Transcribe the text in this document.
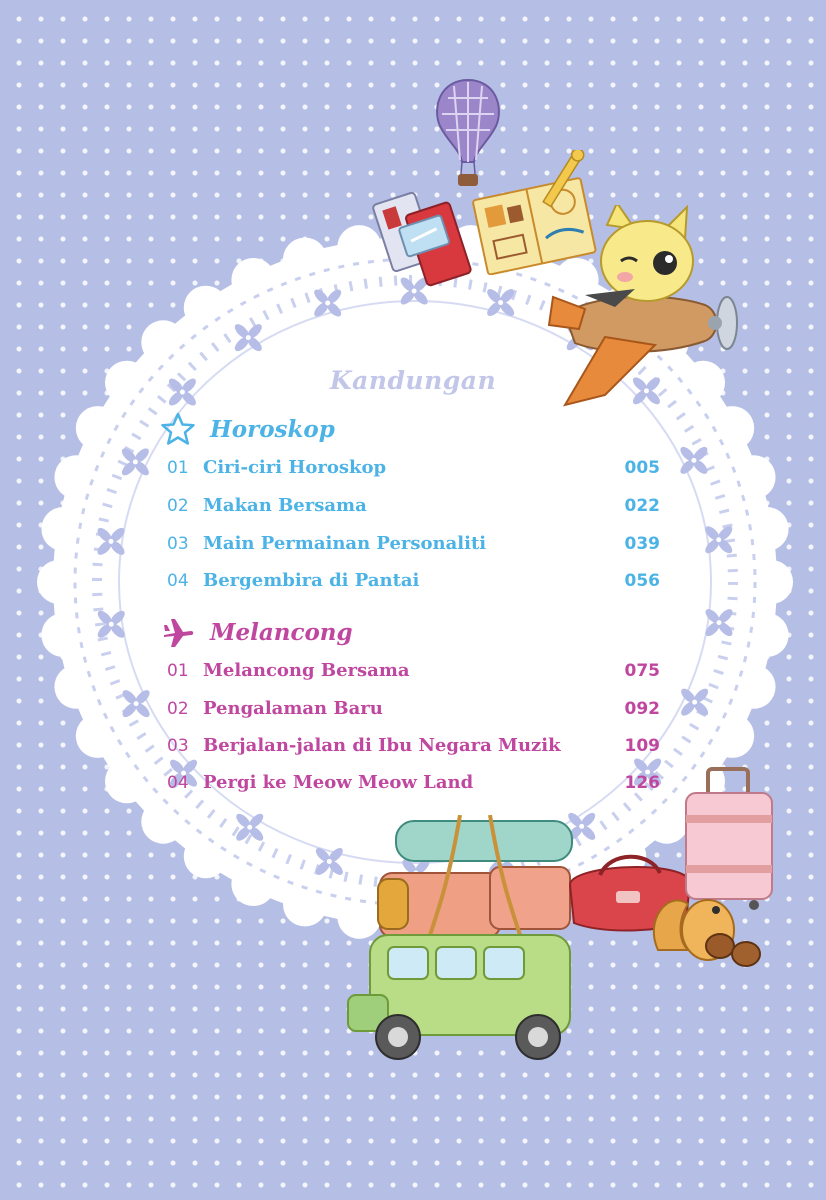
Kandungan
Horoskop
01 Ciri-ciri Horoskop	005
02 Makan Bersama	022
03 Main Permainan Personaliti	039
04 Bergembira di Pantai	056
Melancong
01 Melancong Bersama	075
02 Pengalaman Baru	092
03 Berjalan-jalan di Ibu Negara Muzik	109
04 Pergi ke Meow Meow Land	126
